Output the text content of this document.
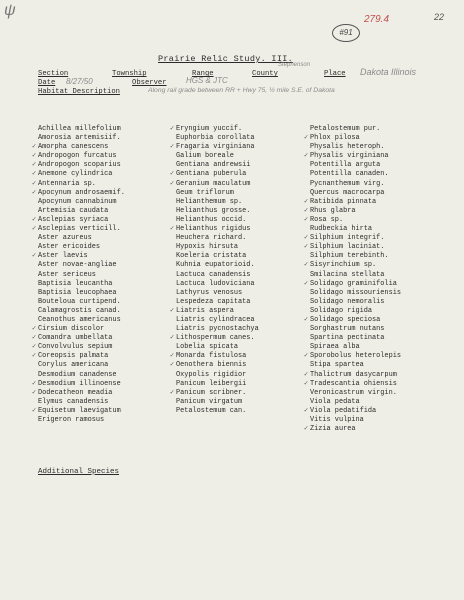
ψ
279.4	22
#91
Prairie Relic Study. III.
Section	Township	Range	County	Place
Stephenson
Dakota Illinois
Date 8/27/50	Observer HGS & JTC
Habitat Description	Along rail grade between RR + Hwy 75, ½ mile S.E. of Dakota
Achillea millefolium
Amorosia artemisiif.
✓ Amorpha canescens
✓ Andropogon furcatus
✓ Andropogon scoparius
✓ Anemone cylindrica
✓ Antennaria sp.
✓ Apocynum androsaemif.
Apocynum cannabinum
Artemisia caudata
✓ Asclepias syriaca
✓ Asclepias verticill.
Aster azureus
Aster ericoides
✓ Aster laevis
Aster novae-angliae
Aster sericeus
Baptisia leucantha
Baptisia leucophaea
Bouteloua curtipend.
Calamagrostis canad.
Ceanothus americanus
✓ Cirsium discolor
✓ Comandra umbellata
✓ Convolvulus sepium
✓ Coreopsis palmata
Corylus americana
Desmodium canadense
✓ Desmodium illinoense
✓ Dodecatheon meadia
Elymus canadensis
✓ Equisetum laevigatum
Erigeron ramosus
✓ Eryngium yuccif.
Euphorbia corollata
✓ Fragaria virginiana
Galium boreale
Gentiana andrewsii
✓ Gentiana puberula
✓ Geranium maculatum
Geum triflorum
Helianthemum sp.
Helianthus grosse.
Helianthus occid.
✓ Helianthus rigidus
Heuchera richard.
Hypoxis hirsuta
Koeleria cristata
Kuhnia eupatorioid.
Lactuca canadensis
Lactuca ludoviciana
Lathyrus venosus
Lespedeza capitata
✓ Liatris aspera
Liatris cylindracea
Liatris pycnostachya
✓ Lithospermum canes.
Lobelia spicata
✓ Monarda fistulosa
✓ Oenothera biennis
Oxypolis rigidior
Panicum leibergii
✓ Panicum scribner.
Panicum virgatum
Petalostemum can.
Petalostemum pur.
✓ Phlox pilosa
Physalis heteroph.
✓ Physalis virginiana
Potentilla arguta
Potentilla canaden.
Pycnanthemum virg.
Quercus macrocarpa
✓ Ratibida pinnata
✓ Rhus glabra
✓ Rosa sp.
Rudbeckia hirta
✓ Silphium integrif.
✓ Silphium laciniat.
Silphium terebinth.
✓ Sisyrinchium sp.
Smilacina stellata
✓ Solidago graminifolia
Solidago missouriensis
Solidago nemoralis
Solidago rigida
✓ Solidago speciosa
Sorghastrum nutans
Spartina pectinata
Spiraea alba
✓ Sporobolus heterolepis
Stipa spartea
✓ Thalictrum dasycarpum
✓ Tradescantia ohiensis
Veronicastrum virgin.
Viola pedata
✓ Viola pedatifida
Vitis vulpina
✓ Zizia aurea
Additional Species
